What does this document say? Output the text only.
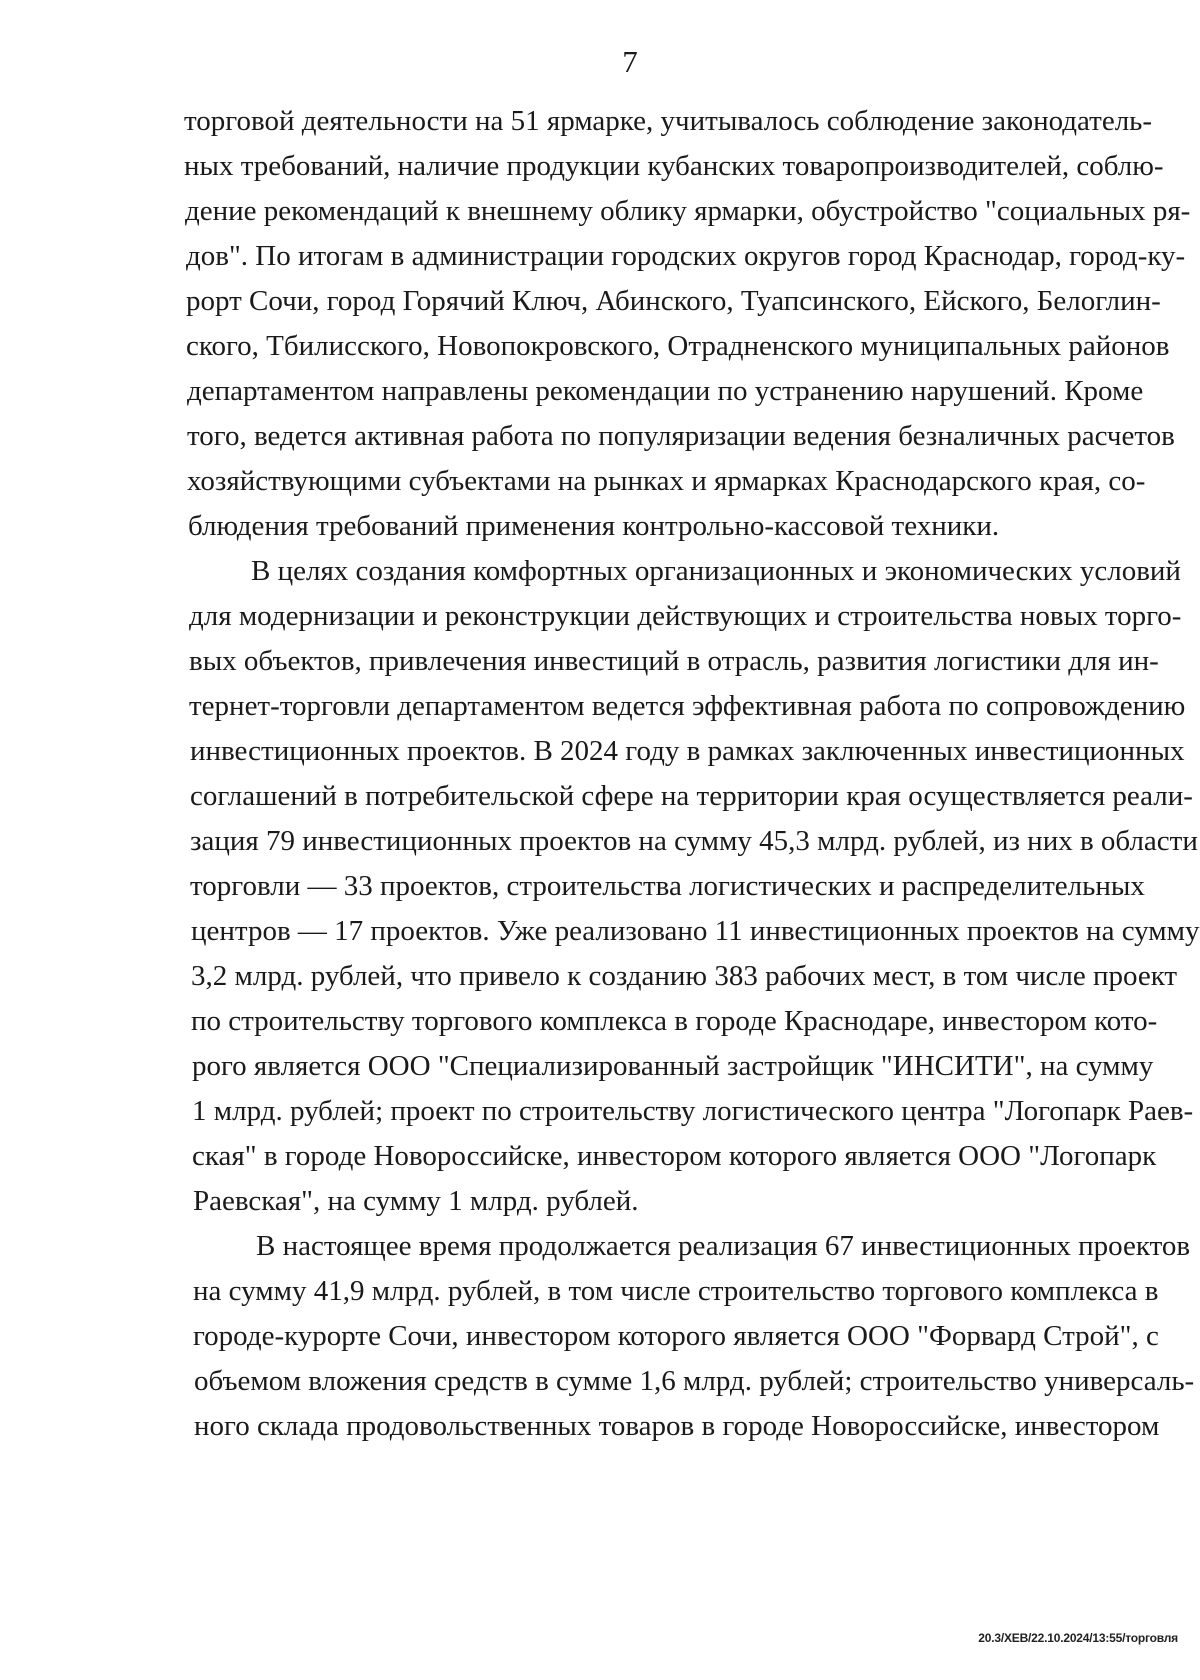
7
торговой деятельности на 51 ярмарке, учитывалось соблюдение законодатель-
ных требований, наличие продукции кубанских товаропроизводителей, соблю-
дение рекомендаций к внешнему облику ярмарки, обустройство "социальных ря-
дов". По итогам в администрации городских округов город Краснодар, город-ку-
рорт Сочи, город Горячий Ключ, Абинского, Туапсинского, Ейского, Белоглин-
ского, Тбилисского, Новопокровского, Отрадненского муниципальных районов
департаментом направлены рекомендации по устранению нарушений. Кроме
того, ведется активная работа по популяризации ведения безналичных расчетов
хозяйствующими субъектами на рынках и ярмарках Краснодарского края, со-
блюдения требований применения контрольно-кассовой техники.
В целях создания комфортных организационных и экономических условий
для модернизации и реконструкции действующих и строительства новых торго-
вых объектов, привлечения инвестиций в отрасль, развития логистики для ин-
тернет-торговли департаментом ведется эффективная работа по сопровождению
инвестиционных проектов. В 2024 году в рамках заключенных инвестиционных
соглашений в потребительской сфере на территории края осуществляется реали-
зация 79 инвестиционных проектов на сумму 45,3 млрд. рублей, из них в области
торговли — 33 проектов, строительства логистических и распределительных
центров — 17 проектов. Уже реализовано 11 инвестиционных проектов на сумму
3,2 млрд. рублей, что привело к созданию 383 рабочих мест, в том числе проект
по строительству торгового комплекса в городе Краснодаре, инвестором кото-
рого является ООО "Специализированный застройщик "ИНСИТИ", на сумму
1 млрд. рублей; проект по строительству логистического центра "Логопарк Раев-
ская" в городе Новороссийске, инвестором которого является ООО "Логопарк
Раевская", на сумму 1 млрд. рублей.
В настоящее время продолжается реализация 67 инвестиционных проектов
на сумму 41,9 млрд. рублей, в том числе строительство торгового комплекса в
городе-курорте Сочи, инвестором которого является ООО "Форвард Строй", с
объемом вложения средств в сумме 1,6 млрд. рублей; строительство универсаль-
ного склада продовольственных товаров в городе Новороссийске, инвестором
20.3/ХЕВ/22.10.2024/13:55/торговля
